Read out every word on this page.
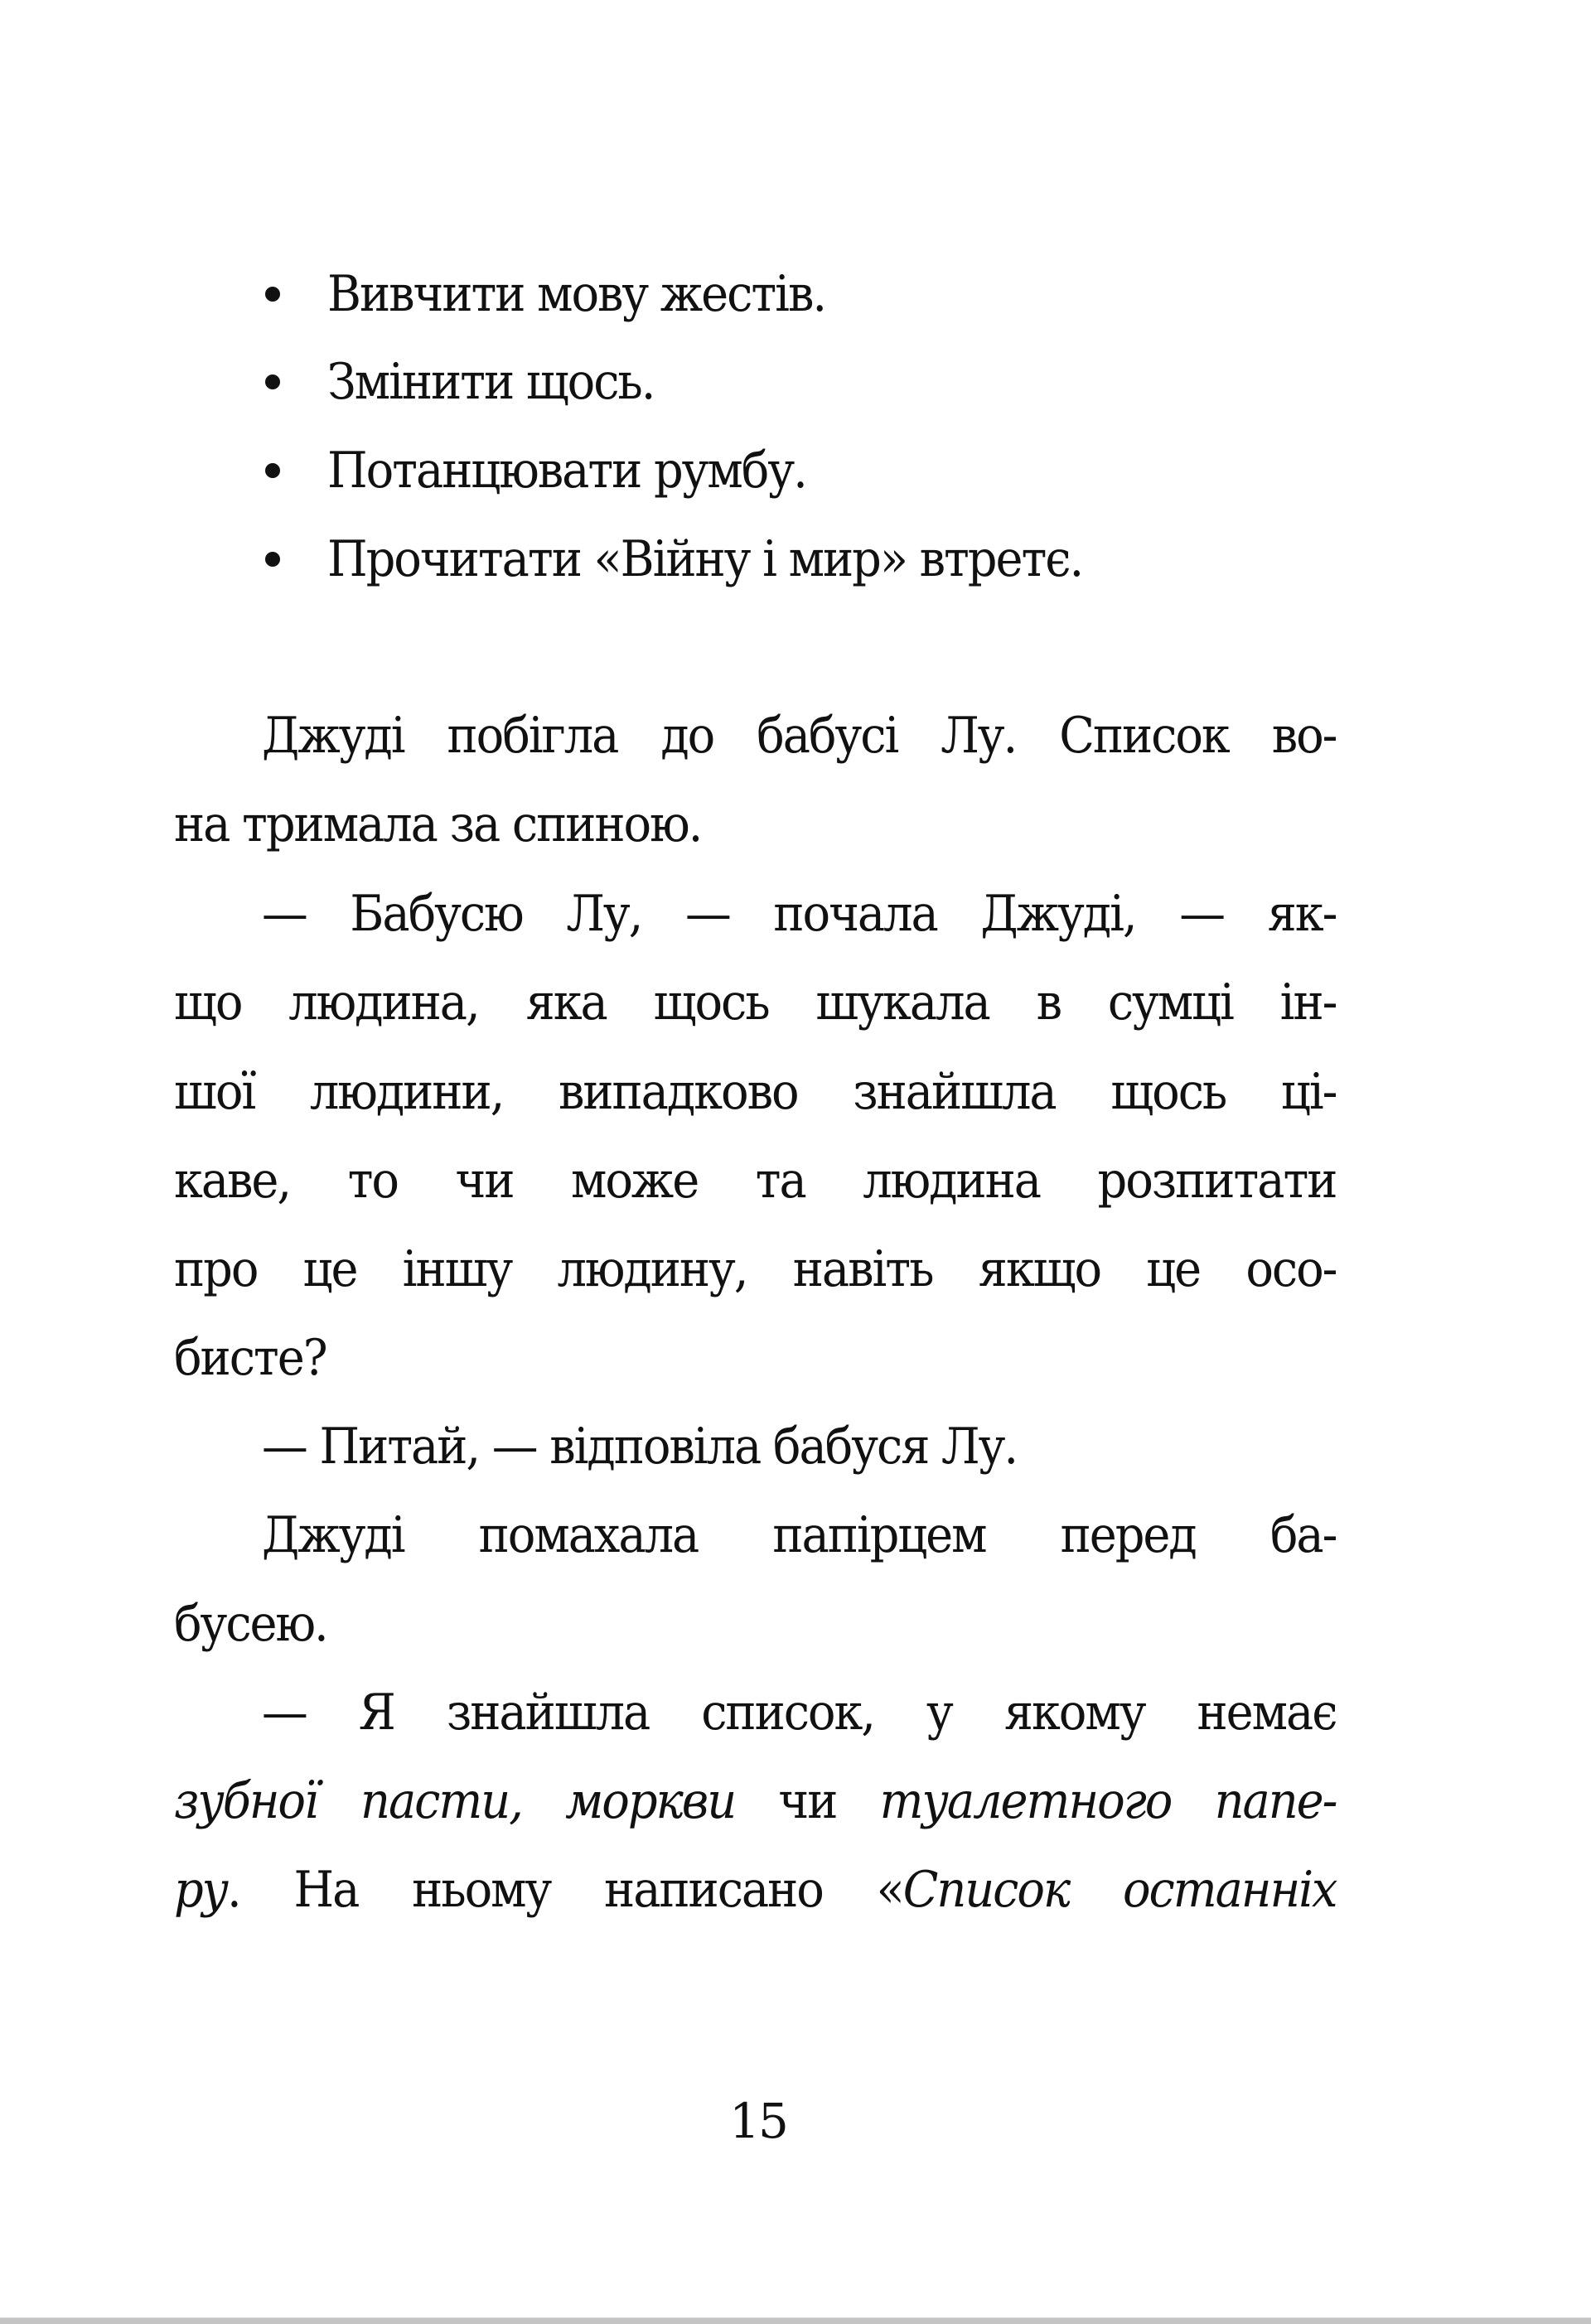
Вивчити мову жестів.
Змінити щось.
Потанцювати румбу.
Прочитати «Війну і мир» втретє.
Джуді побігла до бабусі Лу. Список во-
на тримала за спиною.
— Бабусю Лу, — почала Джуді, — як-
що людина, яка щось шукала в сумці ін-
шої людини, випадково знайшла щось ці-
каве, то чи може та людина розпитати
про це іншу людину, навіть якщо це осо-
бисте?
— Питай, — відповіла бабуся Лу.
Джуді помахала папірцем перед ба-
бусею.
— Я знайшла список, у якому немає
зубної пасти, моркви чи туалетного папе-
ру. На ньому написано «Список останніх
15
